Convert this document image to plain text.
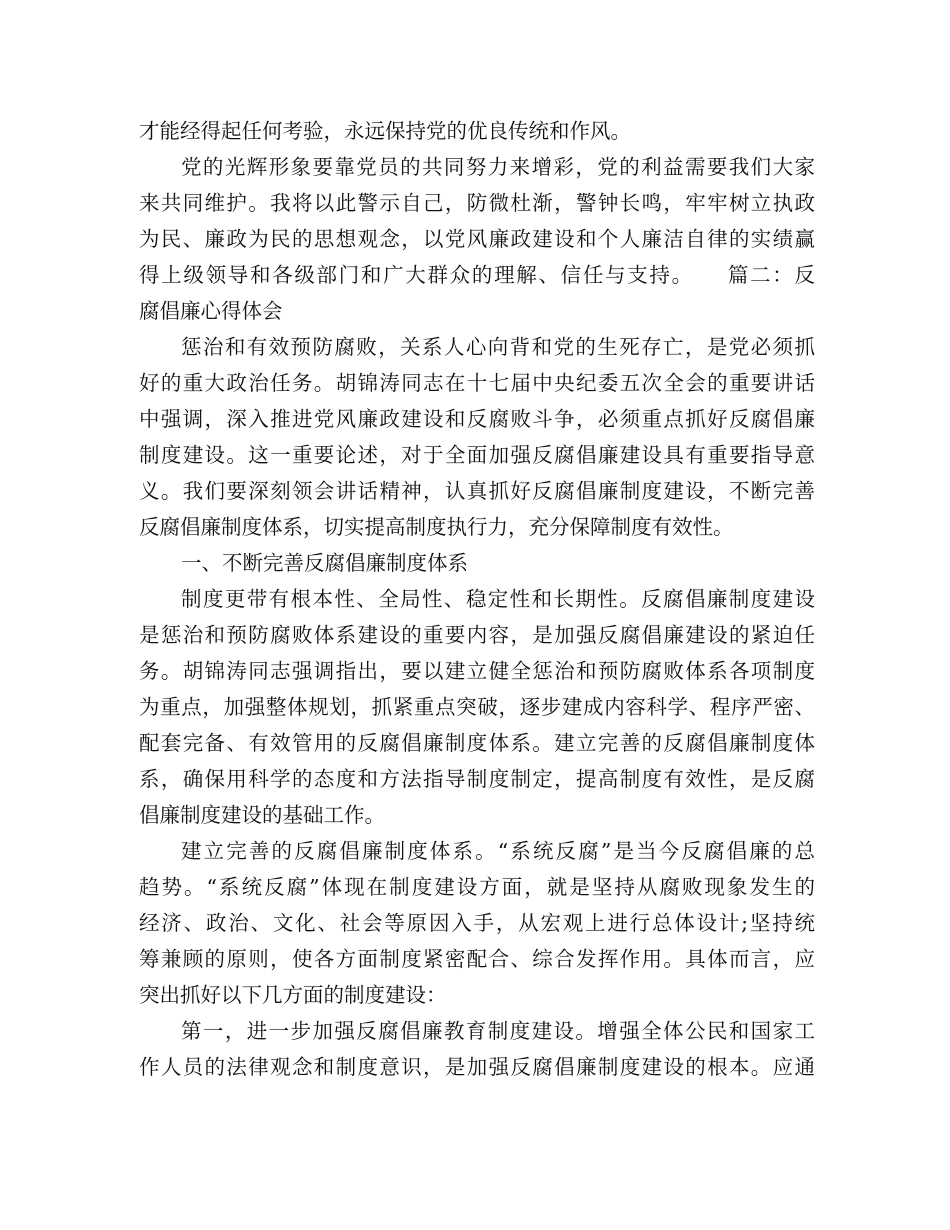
才能经得起任何考验，永远保持党的优良传统和作风。
党的光辉形象要靠党员的共同努力来增彩，党的利益需要我们大家
来共同维护。我将以此警示自己，防微杜渐，警钟长鸣，牢牢树立执政
为民、廉政为民的思想观念，以党风廉政建设和个人廉洁自律的实绩赢
得上级领导和各级部门和广大群众的理解、信任与支持。　　篇二：反
腐倡廉心得体会
惩治和有效预防腐败，关系人心向背和党的生死存亡，是党必须抓
好的重大政治任务。胡锦涛同志在十七届中央纪委五次全会的重要讲话
中强调，深入推进党风廉政建设和反腐败斗争，必须重点抓好反腐倡廉
制度建设。这一重要论述，对于全面加强反腐倡廉建设具有重要指导意
义。我们要深刻领会讲话精神，认真抓好反腐倡廉制度建设，不断完善
反腐倡廉制度体系，切实提高制度执行力，充分保障制度有效性。
一、不断完善反腐倡廉制度体系
制度更带有根本性、全局性、稳定性和长期性。反腐倡廉制度建设
是惩治和预防腐败体系建设的重要内容，是加强反腐倡廉建设的紧迫任
务。胡锦涛同志强调指出，要以建立健全惩治和预防腐败体系各项制度
为重点，加强整体规划，抓紧重点突破，逐步建成内容科学、程序严密、
配套完备、有效管用的反腐倡廉制度体系。建立完善的反腐倡廉制度体
系，确保用科学的态度和方法指导制度制定，提高制度有效性，是反腐
倡廉制度建设的基础工作。
建立完善的反腐倡廉制度体系。“系统反腐”是当今反腐倡廉的总
趋势。“系统反腐”体现在制度建设方面，就是坚持从腐败现象发生的
经济、政治、文化、社会等原因入手，从宏观上进行总体设计;坚持统
筹兼顾的原则，使各方面制度紧密配合、综合发挥作用。具体而言，应
突出抓好以下几方面的制度建设：
第一，进一步加强反腐倡廉教育制度建设。增强全体公民和国家工
作人员的法律观念和制度意识，是加强反腐倡廉制度建设的根本。应通
